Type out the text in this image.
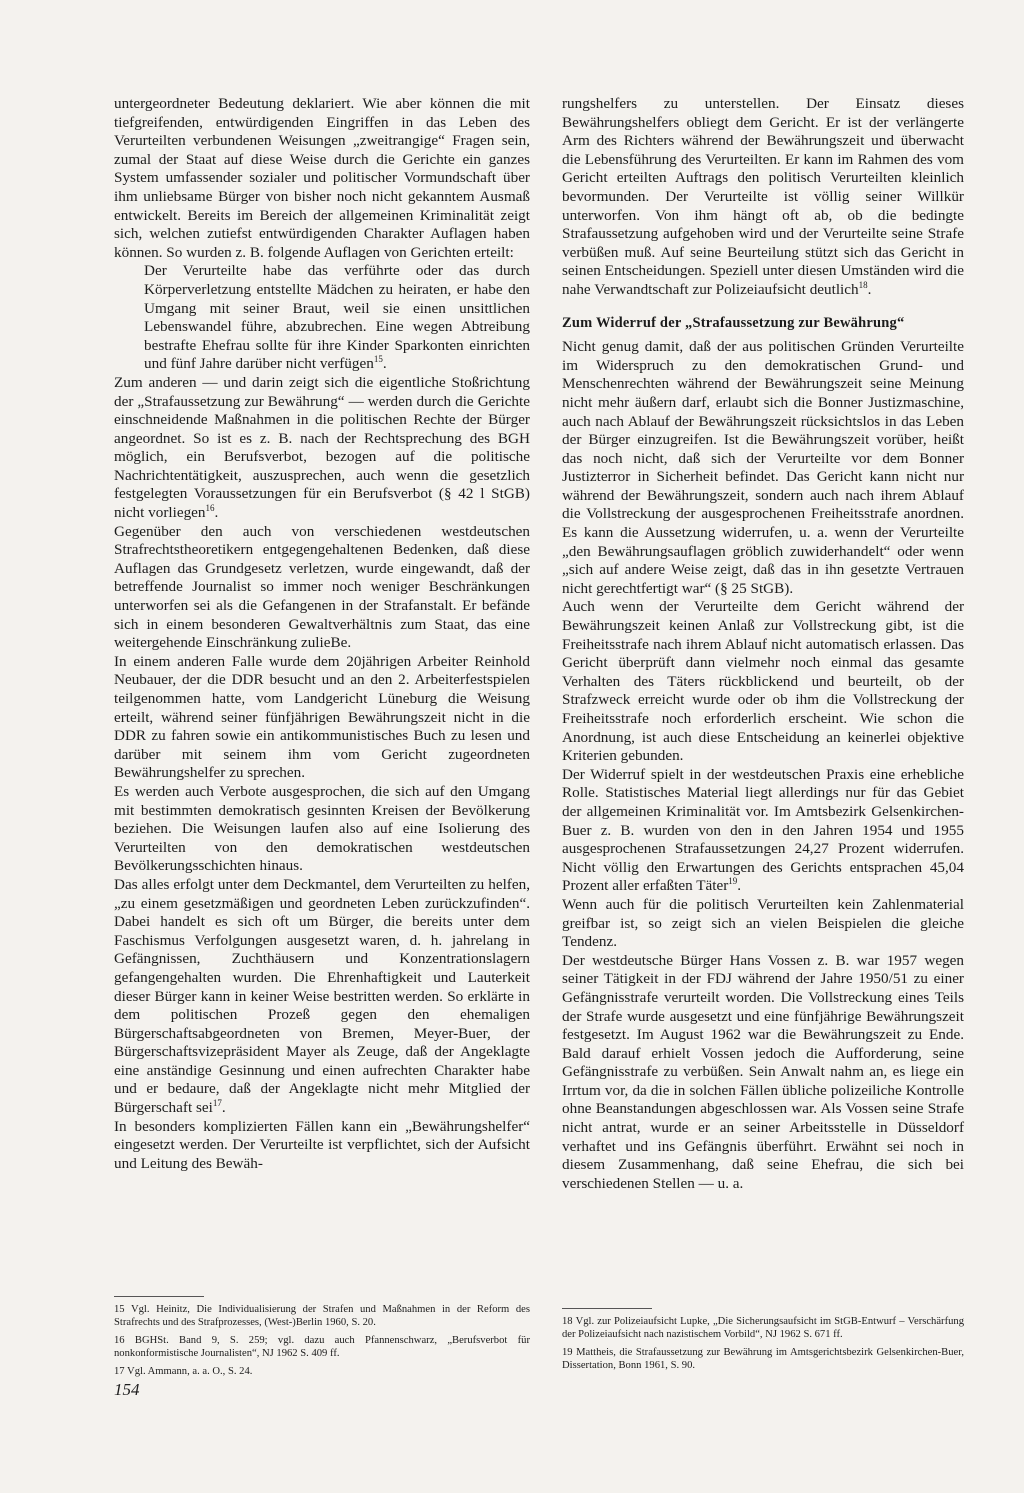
untergeordneter Bedeutung deklariert. Wie aber können die mit tiefgreifenden, entwürdigenden Eingriffen in das Leben des Verurteilten verbundenen Weisungen „zweitrangige“ Fragen sein, zumal der Staat auf diese Weise durch die Gerichte ein ganzes System umfassender sozialer und politischer Vormundschaft über ihm unliebsame Bürger von bisher noch nicht gekanntem Ausmaß entwickelt. Bereits im Bereich der allgemeinen Kriminalität zeigt sich, welchen zutiefst entwürdigenden Charakter Auflagen haben können. So wurden z. B. folgende Auflagen von Gerichten erteilt:

Der Verurteilte habe das verführte oder das durch Körperverletzung entstellte Mädchen zu heiraten, er habe den Umgang mit seiner Braut, weil sie einen unsittlichen Lebenswandel führe, abzubrechen. Eine wegen Abtreibung bestrafte Ehefrau sollte für ihre Kinder Sparkonten einrichten und fünf Jahre darüber nicht verfügen$^{15}$.

Zum anderen — und darin zeigt sich die eigentliche Stoßrichtung der „Strafaussetzung zur Bewährung“ — werden durch die Gerichte einschneidende Maßnahmen in die politischen Rechte der Bürger angeordnet. So ist es z. B. nach der Rechtsprechung des BGH möglich, ein Berufsverbot, bezogen auf die politische Nachrichtentätigkeit, auszusprechen, auch wenn die gesetzlich festgelegten Voraussetzungen für ein Berufsverbot (§ 42 l StGB) nicht vorliegen$^{16}$.

Gegenüber den auch von verschiedenen westdeutschen Strafrechtstheoretikern entgegengehaltenen Bedenken, daß diese Auflagen das Grundgesetz verletzen, wurde eingewandt, daß der betreffende Journalist so immer noch weniger Beschränkungen unterworfen sei als die Gefangenen in der Strafanstalt. Er befände sich in einem besonderen Gewaltverhältnis zum Staat, das eine weitergehende Einschränkung zulieBe.

In einem anderen Falle wurde dem 20jährigen Arbeiter Reinhold Neubauer, der die DDR besucht und an den 2. Arbeiterfestspielen teilgenommen hatte, vom Landgericht Lüneburg die Weisung erteilt, während seiner fünfjährigen Bewährungszeit nicht in die DDR zu fahren sowie ein antikommunistisches Buch zu lesen und darüber mit seinem ihm vom Gericht zugeordneten Bewährungshelfer zu sprechen.

Es werden auch Verbote ausgesprochen, die sich auf den Umgang mit bestimmten demokratisch gesinnten Kreisen der Bevölkerung beziehen. Die Weisungen laufen also auf eine Isolierung des Verurteilten von den demokratischen westdeutschen Bevölkerungsschichten hinaus.

Das alles erfolgt unter dem Deckmantel, dem Verurteilten zu helfen, „zu einem gesetzmäßigen und geordneten Leben zurückzufinden“. Dabei handelt es sich oft um Bürger, die bereits unter dem Faschismus Verfolgungen ausgesetzt waren, d. h. jahrelang in Gefängnissen, Zuchthäusern und Konzentrationslagern gefangengehalten wurden. Die Ehrenhaftigkeit und Lauterkeit dieser Bürger kann in keiner Weise bestritten werden. So erklärte in dem politischen Prozeß gegen den ehemaligen Bürgerschaftsabgeordneten von Bremen, Meyer-Buer, der Bürgerschaftsvizepräsident Mayer als Zeuge, daß der Angeklagte eine anständige Gesinnung und einen aufrechten Charakter habe und er bedaure, daß der Angeklagte nicht mehr Mitglied der Bürgerschaft sei$^{17}$.

In besonders komplizierten Fällen kann ein „Bewährungshelfer“ eingesetzt werden. Der Verurteilte ist verpflichtet, sich der Aufsicht und Leitung des Bewäh-

rungshelfers zu unterstellen. Der Einsatz dieses Bewährungshelfers obliegt dem Gericht. Er ist der verlängerte Arm des Richters während der Bewährungszeit und überwacht die Lebensführung des Verurteilten. Er kann im Rahmen des vom Gericht erteilten Auftrags den politisch Verurteilten kleinlich bevormunden. Der Verurteilte ist völlig seiner Willkür unterworfen. Von ihm hängt oft ab, ob die bedingte Strafaussetzung aufgehoben wird und der Verurteilte seine Strafe verbüßen muß. Auf seine Beurteilung stützt sich das Gericht in seinen Entscheidungen. Speziell unter diesen Umständen wird die nahe Verwandtschaft zur Polizeiaufsicht deutlich$^{18}$.

Zum Widerruf der „Strafaussetzung zur Bewährung“

Nicht genug damit, daß der aus politischen Gründen Verurteilte im Widerspruch zu den demokratischen Grund- und Menschenrechten während der Bewährungszeit seine Meinung nicht mehr äußern darf, erlaubt sich die Bonner Justizmaschine, auch nach Ablauf der Bewährungszeit rücksichtslos in das Leben der Bürger einzugreifen. Ist die Bewährungszeit vorüber, heißt das noch nicht, daß sich der Verurteilte vor dem Bonner Justizterror in Sicherheit befindet. Das Gericht kann nicht nur während der Bewährungszeit, sondern auch nach ihrem Ablauf die Vollstreckung der ausgesprochenen Freiheitsstrafe anordnen. Es kann die Aussetzung widerrufen, u. a. wenn der Verurteilte „den Bewährungsauflagen gröblich zuwiderhandelt“ oder wenn „sich auf andere Weise zeigt, daß das in ihn gesetzte Vertrauen nicht gerechtfertigt war“ (§ 25 StGB).

Auch wenn der Verurteilte dem Gericht während der Bewährungszeit keinen Anlaß zur Vollstreckung gibt, ist die Freiheitsstrafe nach ihrem Ablauf nicht automatisch erlassen. Das Gericht überprüft dann vielmehr noch einmal das gesamte Verhalten des Täters rückblickend und beurteilt, ob der Strafzweck erreicht wurde oder ob ihm die Vollstreckung der Freiheitsstrafe noch erforderlich erscheint. Wie schon die Anordnung, ist auch diese Entscheidung an keinerlei objektive Kriterien gebunden.

Der Widerruf spielt in der westdeutschen Praxis eine erhebliche Rolle. Statistisches Material liegt allerdings nur für das Gebiet der allgemeinen Kriminalität vor. Im Amtsbezirk Gelsenkirchen-Buer z. B. wurden von den in den Jahren 1954 und 1955 ausgesprochenen Strafaussetzungen 24,27 Prozent widerrufen. Nicht völlig den Erwartungen des Gerichts entsprachen 45,04 Prozent aller erfaßten Täter$^{19}$.

Wenn auch für die politisch Verurteilten kein Zahlenmaterial greifbar ist, so zeigt sich an vielen Beispielen die gleiche Tendenz.

Der westdeutsche Bürger Hans Vossen z. B. war 1957 wegen seiner Tätigkeit in der FDJ während der Jahre 1950/51 zu einer Gefängnisstrafe verurteilt worden. Die Vollstreckung eines Teils der Strafe wurde ausgesetzt und eine fünfjährige Bewährungszeit festgesetzt. Im August 1962 war die Bewährungszeit zu Ende. Bald darauf erhielt Vossen jedoch die Aufforderung, seine Gefängnisstrafe zu verbüßen. Sein Anwalt nahm an, es liege ein Irrtum vor, da die in solchen Fällen übliche polizeiliche Kontrolle ohne Beanstandungen abgeschlossen war. Als Vossen seine Strafe nicht antrat, wurde er an seiner Arbeitsstelle in Düsseldorf verhaftet und ins Gefängnis überführt. Erwähnt sei noch in diesem Zusammenhang, daß seine Ehefrau, die sich bei verschiedenen Stellen — u. a.

15 Vgl. Heinitz, Die Individualisierung der Strafen und Maßnahmen in der Reform des Strafrechts und des Strafprozesses, (West-)Berlin 1960, S. 20.

16 BGHSt. Band 9, S. 259; vgl. dazu auch Pfannenschwarz, „Berufsverbot für nonkonformistische Journalisten“, NJ 1962 S. 409 ff.

17 Vgl. Ammann, a. a. O., S. 24.

18 Vgl. zur Polizeiaufsicht Lupke, „Die Sicherungsaufsicht im StGB-Entwurf – Verschärfung der Polizeiaufsicht nach nazistischem Vorbild“, NJ 1962 S. 671 ff.

19 Mattheis, die Strafaussetzung zur Bewährung im Amtsgerichtsbezirk Gelsenkirchen-Buer, Dissertation, Bonn 1961, S. 90.

154
